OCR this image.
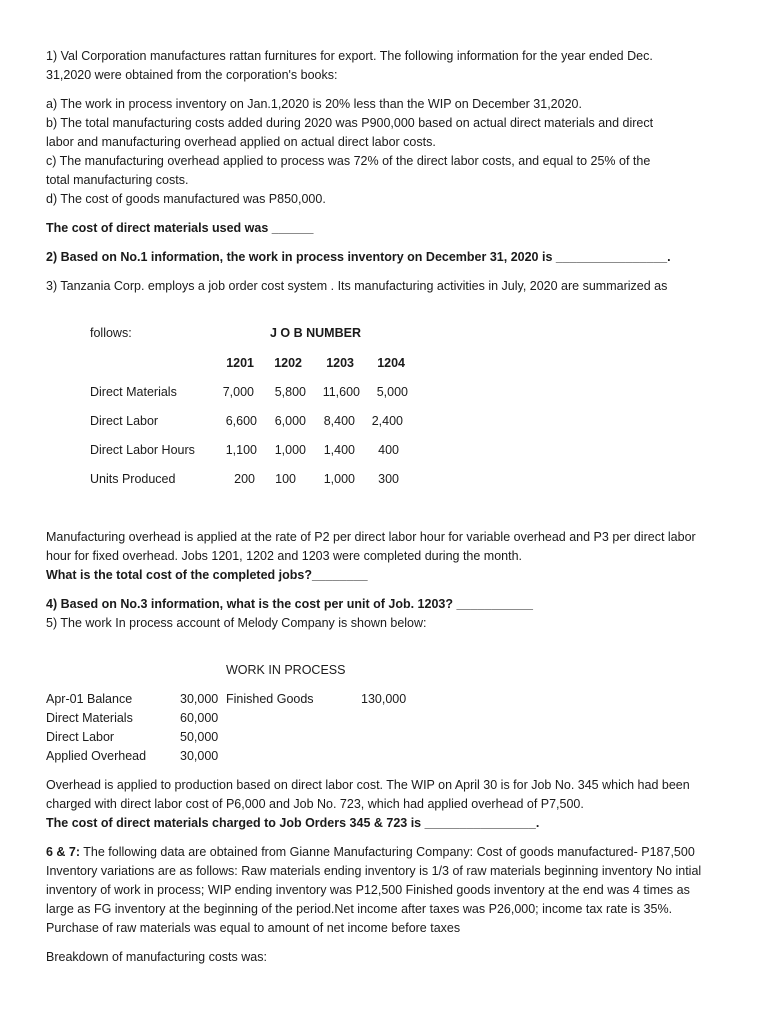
1) Val Corporation manufactures rattan furnitures for export. The following information for the year ended Dec.
31,2020 were obtained from the corporation's books:
a) The work in process inventory on Jan.1,2020 is 20% less than the WIP on December 31,2020.
b) The total manufacturing costs added during 2020 was P900,000 based on actual direct materials and direct
labor and manufacturing overhead applied on actual direct labor costs.
c) The manufacturing overhead applied to process was 72% of the direct labor costs, and equal to 25% of the
total manufacturing costs.
d) The cost of goods manufactured was P850,000.
The cost of direct materials used was ______
2) Based on No.1 information, the work in process inventory on December 31, 2020 is ________________.
3) Tanzania Corp. employs a job order cost system . Its manufacturing activities in July, 2020 are summarized as
follows:	J O B NUMBER
1201	1202	1203	1204
Direct Materials	7,000	5,800	11,600	5,000
Direct Labor	6,600	6,000	8,400	2,400
Direct Labor Hours	1,100	1,000	1,400	400
Units Produced	200	100	1,000	300
Manufacturing overhead is applied at the rate of P2 per direct labor hour for variable overhead and P3 per direct labor
hour for fixed overhead. Jobs 1201, 1202 and 1203 were completed during the month.
What is the total cost of the completed jobs?________
4) Based on No.3 information, what is the cost per unit of Job. 1203? ___________
5) The work In process account of Melody Company is shown below:
WORK IN PROCESS
Apr-01 Balance	30,000 Finished Goods	130,000
Direct Materials	60,000
Direct Labor	50,000
Applied Overhead	30,000
Overhead is applied to production based on direct labor cost. The WIP on April 30 is for Job No. 345 which had been
charged with direct labor cost of P6,000 and Job No. 723, which had applied overhead of P7,500.
The cost of direct materials charged to Job Orders 345 & 723 is ________________.
6 & 7: The following data are obtained from Gianne Manufacturing Company: Cost of goods manufactured- P187,500
Inventory variations are as follows: Raw materials ending inventory is 1/3 of raw materials beginning inventory No intial
inventory of work in process; WIP ending inventory was P12,500 Finished goods inventory at the end was 4 times as
large as FG inventory at the beginning of the period.Net income after taxes was P26,000; income tax rate is 35%.
Purchase of raw materials was equal to amount of net income before taxes
Breakdown of manufacturing costs was:
